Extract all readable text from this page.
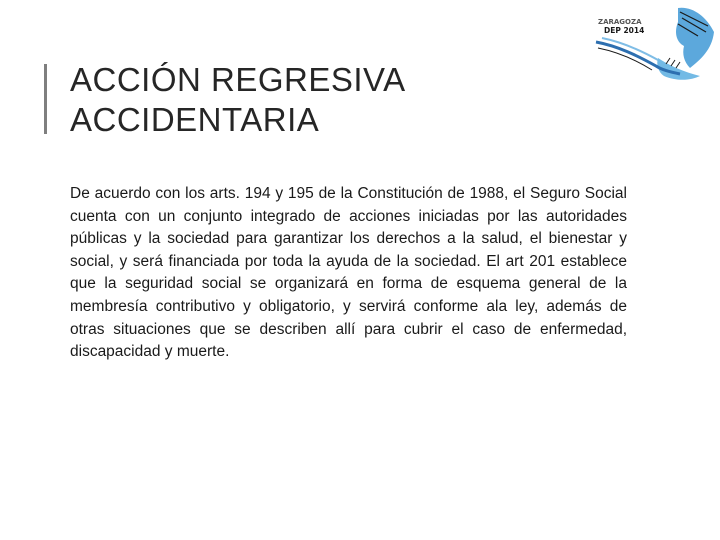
ACCIÓN REGRESIVA
ACCIDENTARIA

De acuerdo con los arts. 194 y 195 de la Constitución de 1988, el Seguro Social cuenta con un conjunto integrado de acciones iniciadas por las autoridades públicas y la sociedad para garantizar los derechos a la salud, el bienestar y social, y será financiada por toda la ayuda de la sociedad. El art 201 establece que la seguridad social se organizará en forma de esquema general de la membresía contributivo y obligatorio, y servirá conforme ala ley, además de otras situaciones que se describen allí para cubrir el caso de enfermedad, discapacidad y muerte.

ZARAGOZA
DEP 2014
